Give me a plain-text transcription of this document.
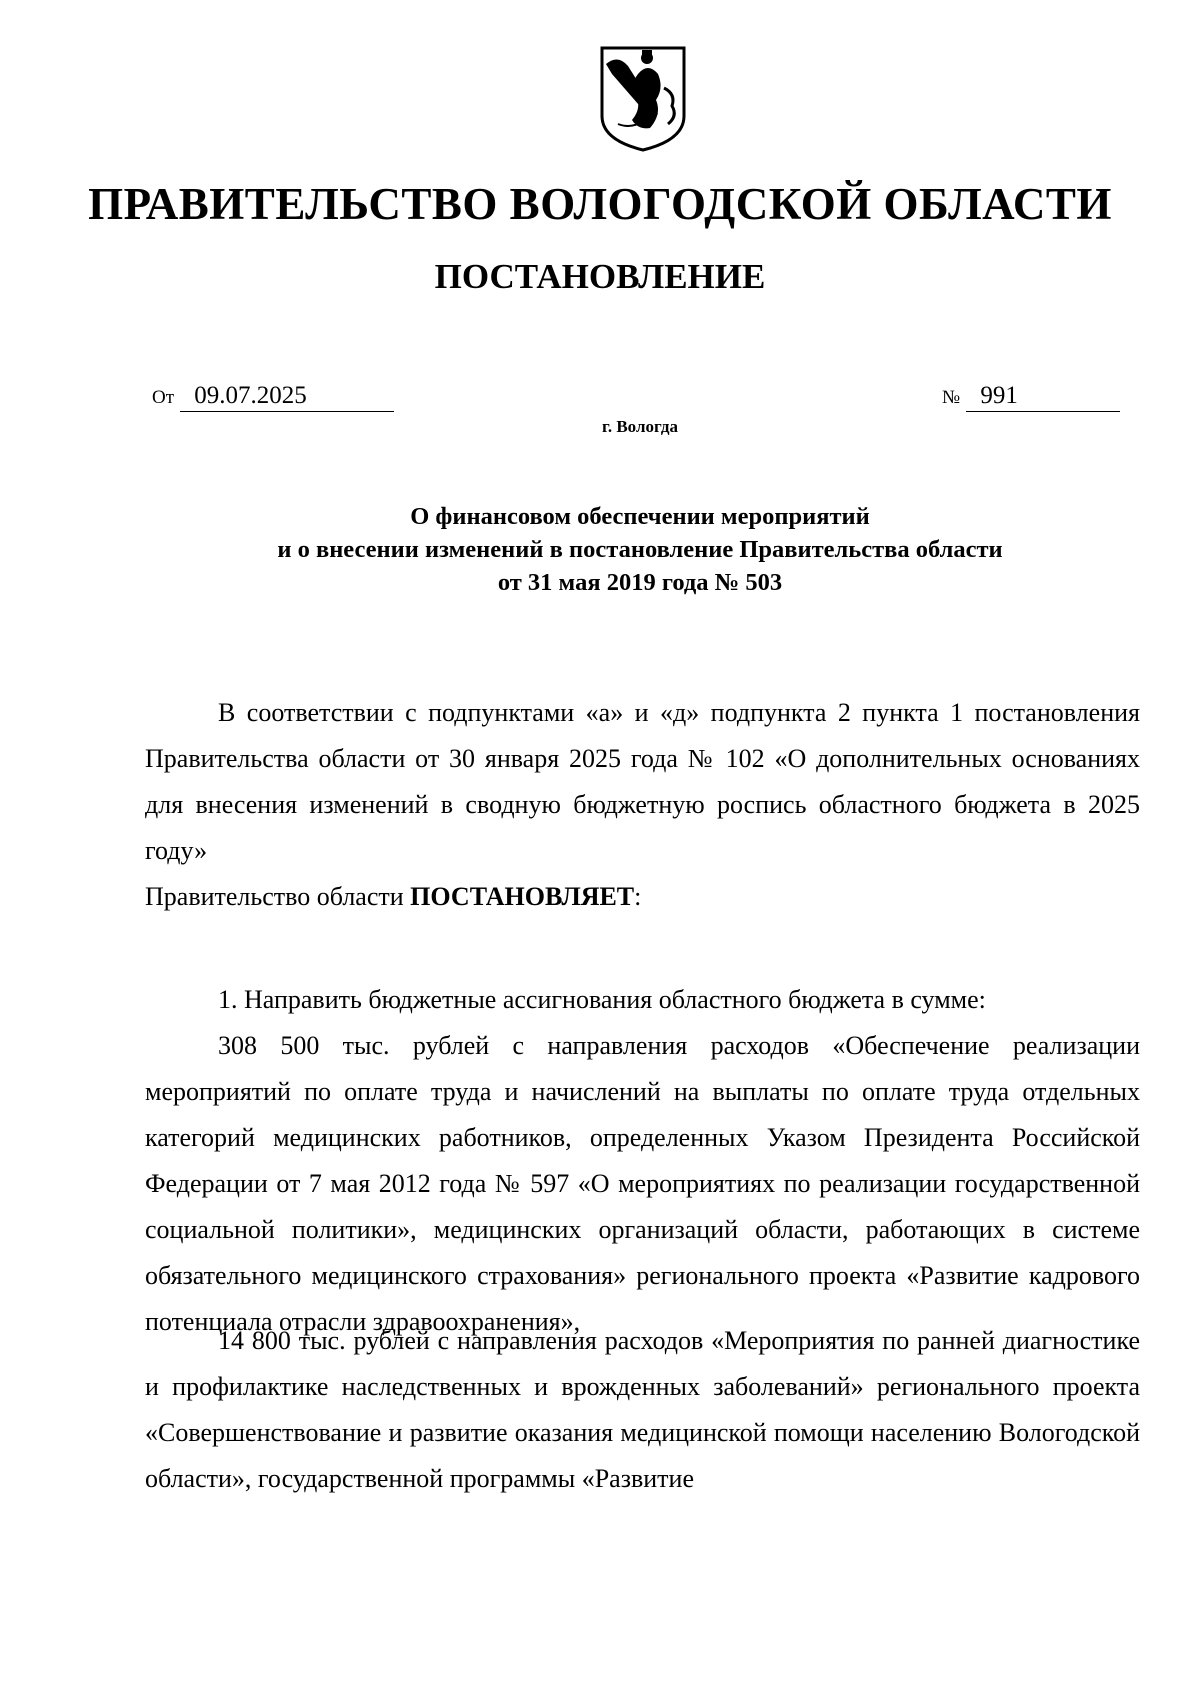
ПРАВИТЕЛЬСТВО ВОЛОГОДСКОЙ ОБЛАСТИ
ПОСТАНОВЛЕНИЕ
От 09.07.2025	№ 991
г. Вологда
О финансовом обеспечении мероприятий
и о внесении изменений в постановление Правительства области
от 31 мая 2019 года № 503

В соответствии с подпунктами «а» и «д» подпункта 2 пункта 1 постановления Правительства области от 30 января 2025 года № 102 «О дополнительных основаниях для внесения изменений в сводную бюджетную роспись областного бюджета в 2025 году»

Правительство области ПОСТАНОВЛЯЕТ:

1. Направить бюджетные ассигнования областного бюджета в сумме:

308 500 тыс. рублей с направления расходов «Обеспечение реализации мероприятий по оплате труда и начислений на выплаты по оплате труда отдельных категорий медицинских работников, определенных Указом Президента Российской Федерации от 7 мая 2012 года № 597 «О мероприятиях по реализации государственной социальной политики», медицинских организаций области, работающих в системе обязательного медицинского страхования» регионального проекта «Развитие кадрового потенциала отрасли здравоохранения»,

14 800 тыс. рублей с направления расходов «Мероприятия по ранней диагностике и профилактике наследственных и врожденных заболеваний» регионального проекта «Совершенствование и развитие оказания медицинской помощи населению Вологодской области», государственной программы «Развитие
